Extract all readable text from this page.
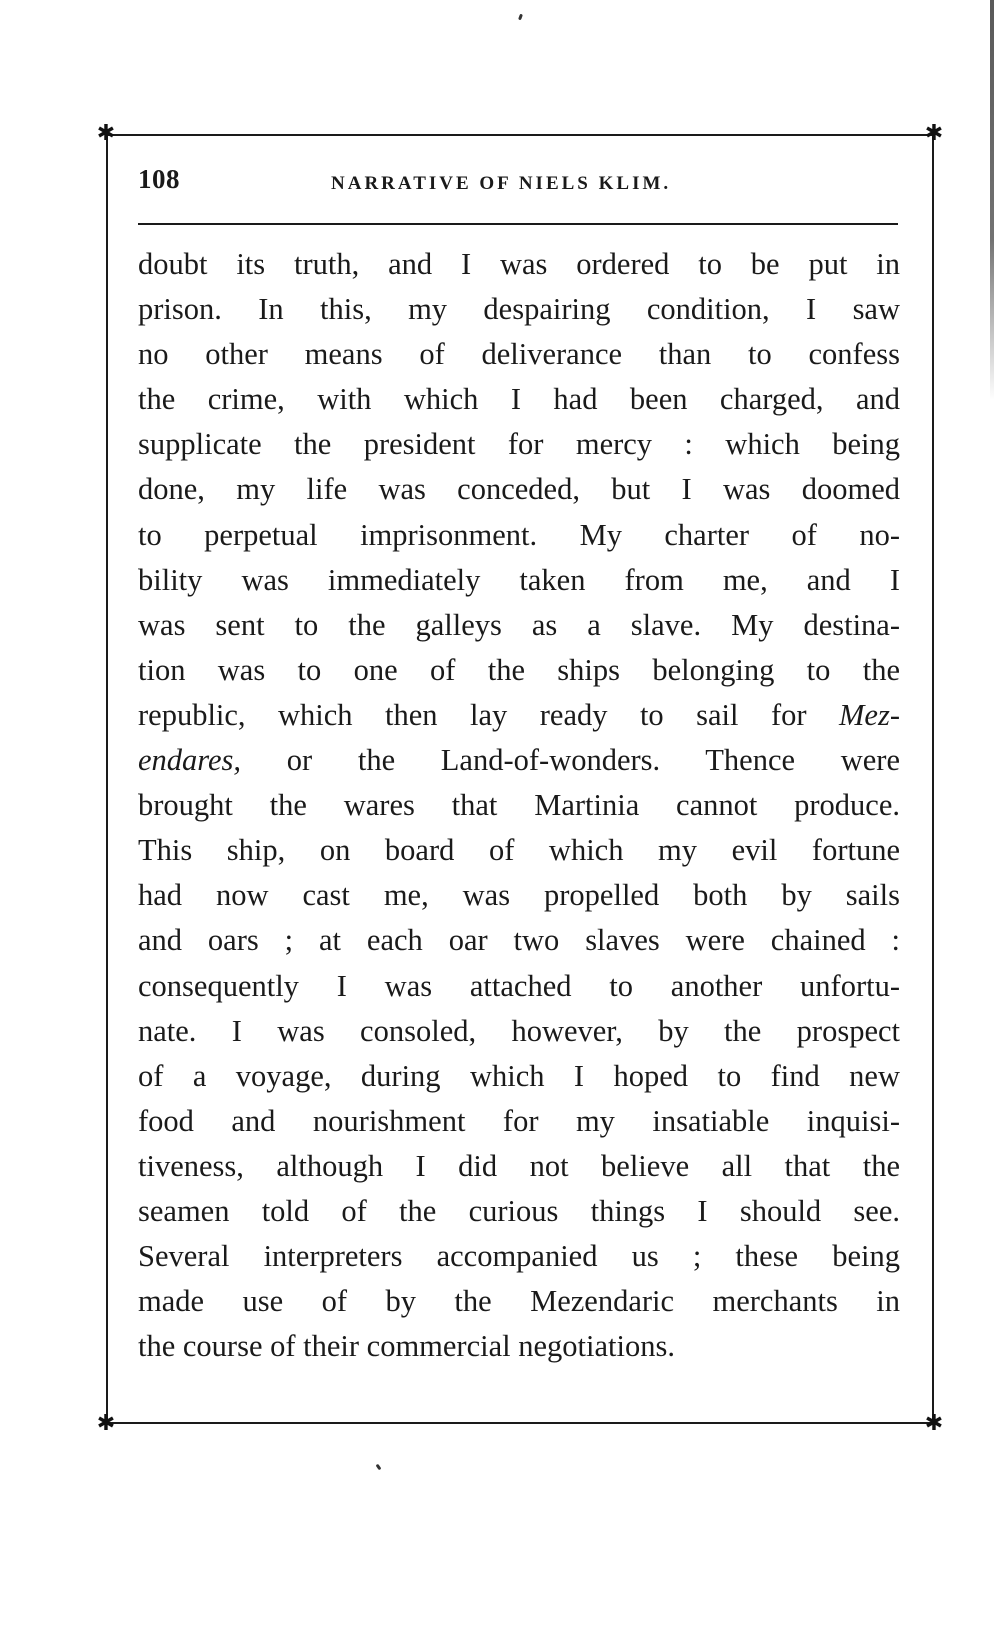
✱	✱
✱	✱
108	NARRATIVE OF NIELS KLIM.
doubt its truth, and I was ordered to be put in
prison. In this, my despairing condition, I saw
no other means of deliverance than to confess
the crime, with which I had been charged, and
supplicate the president for mercy : which being
done, my life was conceded, but I was doomed
to perpetual imprisonment. My charter of no-
bility was immediately taken from me, and I
was sent to the galleys as a slave. My destina-
tion was to one of the ships belonging to the
republic, which then lay ready to sail for Mez-
endares, or the Land-of-wonders. Thence were
brought the wares that Martinia cannot produce.
This ship, on board of which my evil fortune
had now cast me, was propelled both by sails
and oars ; at each oar two slaves were chained :
consequently I was attached to another unfortu-
nate. I was consoled, however, by the prospect
of a voyage, during which I hoped to find new
food and nourishment for my insatiable inquisi-
tiveness, although I did not believe all that the
seamen told of the curious things I should see.
Several interpreters accompanied us ; these being
made use of by the Mezendaric merchants in
the course of their commercial negotiations.
